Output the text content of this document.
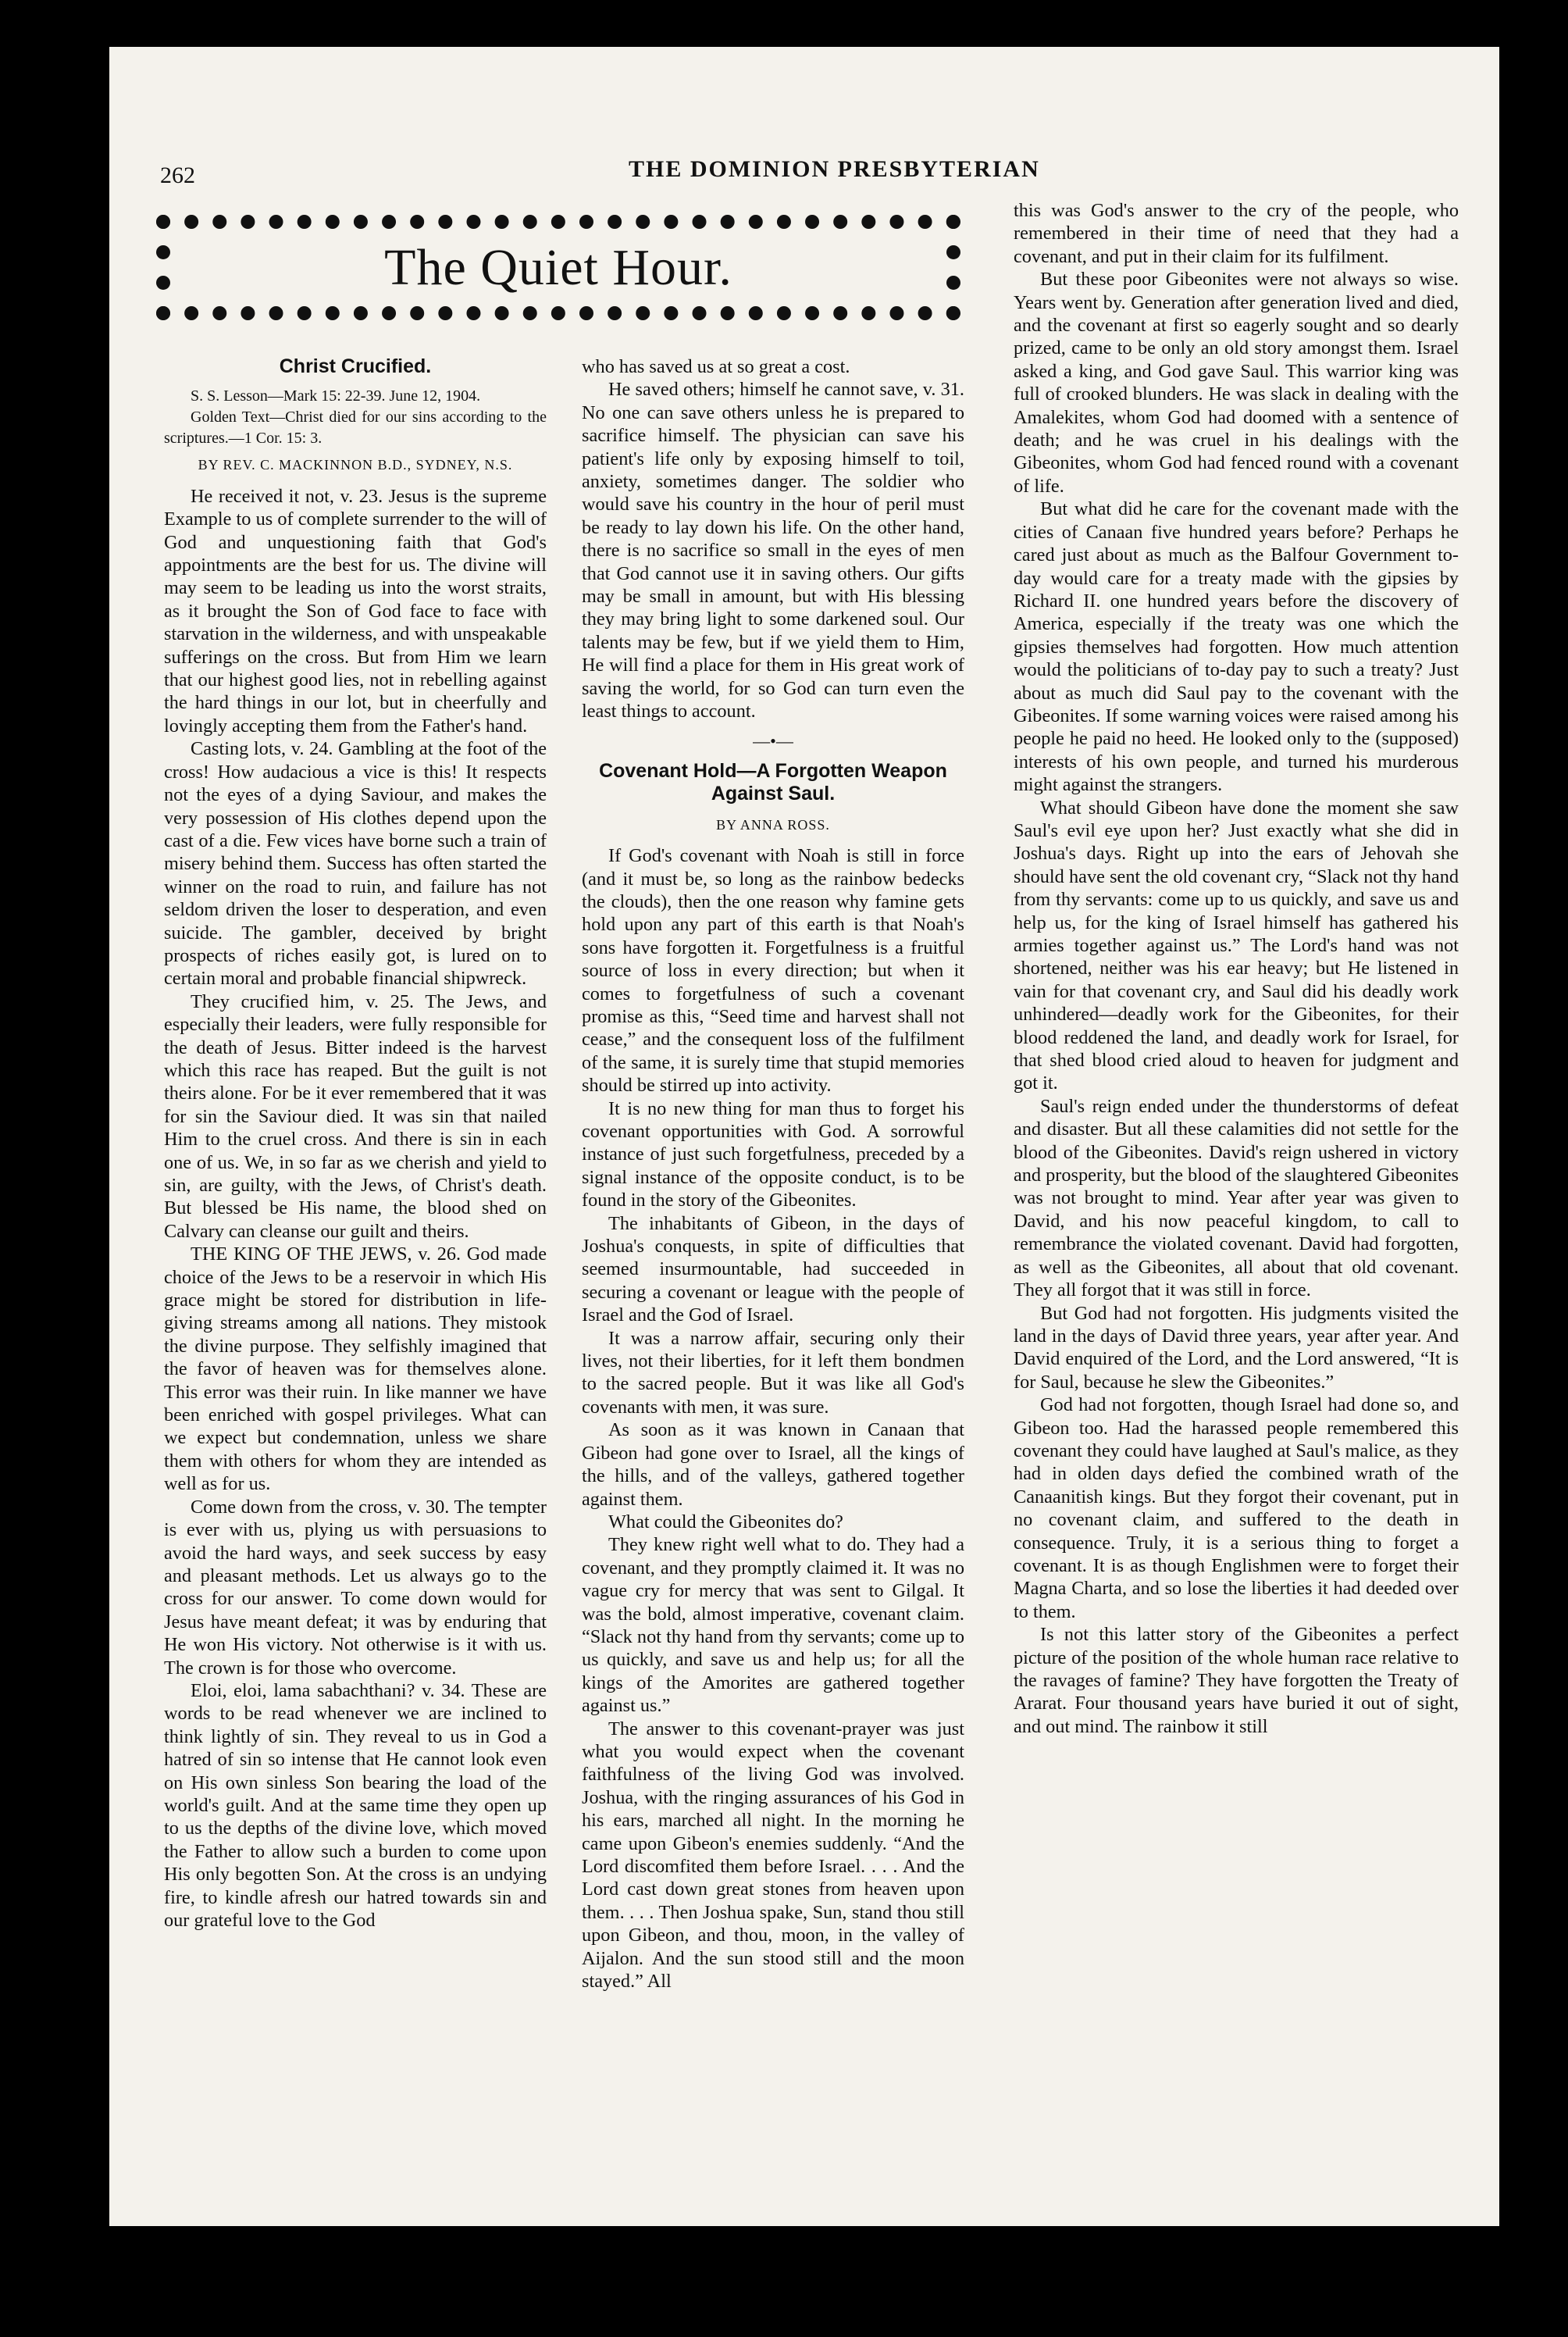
262	THE DOMINION PRESBYTERIAN
The Quiet Hour.
Christ Crucified.

S. S. Lesson—Mark 15: 22-39. June 12, 1904.

Golden Text—Christ died for our sins according to the scriptures.—1 Cor. 15: 3.

BY REV. C. MACKINNON B.D., SYDNEY, N.S.

He received it not, v. 23. Jesus is the supreme Example to us of complete surrender to the will of God and unquestioning faith that God's appointments are the best for us. The divine will may seem to be leading us into the worst straits, as it brought the Son of God face to face with starvation in the wilderness, and with unspeakable sufferings on the cross. But from Him we learn that our highest good lies, not in rebelling against the hard things in our lot, but in cheerfully and lovingly accepting them from the Father's hand.

Casting lots, v. 24. Gambling at the foot of the cross! How audacious a vice is this! It respects not the eyes of a dying Saviour, and makes the very possession of His clothes depend upon the cast of a die. Few vices have borne such a train of misery behind them. Success has often started the winner on the road to ruin, and failure has not seldom driven the loser to desperation, and even suicide. The gambler, deceived by bright prospects of riches easily got, is lured on to certain moral and probable financial shipwreck.

They crucified him, v. 25. The Jews, and especially their leaders, were fully responsible for the death of Jesus. Bitter indeed is the harvest which this race has reaped. But the guilt is not theirs alone. For be it ever remembered that it was for sin the Saviour died. It was sin that nailed Him to the cruel cross. And there is sin in each one of us. We, in so far as we cherish and yield to sin, are guilty, with the Jews, of Christ's death. But blessed be His name, the blood shed on Calvary can cleanse our guilt and theirs.

THE KING OF THE JEWS, v. 26. God made choice of the Jews to be a reservoir in which His grace might be stored for distribution in life-giving streams among all nations. They mistook the divine purpose. They selfishly imagined that the favor of heaven was for themselves alone. This error was their ruin. In like manner we have been enriched with gospel privileges. What can we expect but condemnation, unless we share them with others for whom they are intended as well as for us.

Come down from the cross, v. 30. The tempter is ever with us, plying us with persuasions to avoid the hard ways, and seek success by easy and pleasant methods. Let us always go to the cross for our answer. To come down would for Jesus have meant defeat; it was by enduring that He won His victory. Not otherwise is it with us. The crown is for those who overcome.

Eloi, eloi, lama sabachthani? v. 34. These are words to be read whenever we are inclined to think lightly of sin. They reveal to us in God a hatred of sin so intense that He cannot look even on His own sinless Son bearing the load of the world's guilt. And at the same time they open up to us the depths of the divine love, which moved the Father to allow such a burden to come upon His only begotten Son. At the cross is an undying fire, to kindle afresh our hatred towards sin and our grateful love to the God

who has saved us at so great a cost.

He saved others; himself he cannot save, v. 31. No one can save others unless he is prepared to sacrifice himself. The physician can save his patient's life only by exposing himself to toil, anxiety, sometimes danger. The soldier who would save his country in the hour of peril must be ready to lay down his life. On the other hand, there is no sacrifice so small in the eyes of men that God cannot use it in saving others. Our gifts may be small in amount, but with His blessing they may bring light to some darkened soul. Our talents may be few, but if we yield them to Him, He will find a place for them in His great work of saving the world, for so God can turn even the least things to account.

—•—
Covenant Hold—A Forgotten Weapon Against Saul.
BY ANNA ROSS.

If God's covenant with Noah is still in force (and it must be, so long as the rainbow bedecks the clouds), then the one reason why famine gets hold upon any part of this earth is that Noah's sons have forgotten it. Forgetfulness is a fruitful source of loss in every direction; but when it comes to forgetfulness of such a covenant promise as this, “Seed time and harvest shall not cease,” and the consequent loss of the fulfilment of the same, it is surely time that stupid memories should be stirred up into activity.

It is no new thing for man thus to forget his covenant opportunities with God. A sorrowful instance of just such forgetfulness, preceded by a signal instance of the opposite conduct, is to be found in the story of the Gibeonites.

The inhabitants of Gibeon, in the days of Joshua's conquests, in spite of difficulties that seemed insurmountable, had succeeded in securing a covenant or league with the people of Israel and the God of Israel.

It was a narrow affair, securing only their lives, not their liberties, for it left them bondmen to the sacred people. But it was like all God's covenants with men, it was sure.

As soon as it was known in Canaan that Gibeon had gone over to Israel, all the kings of the hills, and of the valleys, gathered together against them.

What could the Gibeonites do?

They knew right well what to do. They had a covenant, and they promptly claimed it. It was no vague cry for mercy that was sent to Gilgal. It was the bold, almost imperative, covenant claim. “Slack not thy hand from thy servants; come up to us quickly, and save us and help us; for all the kings of the Amorites are gathered together against us.”

The answer to this covenant-prayer was just what you would expect when the covenant faithfulness of the living God was involved. Joshua, with the ringing assurances of his God in his ears, marched all night. In the morning he came upon Gibeon's enemies suddenly. “And the Lord discomfited them before Israel. . . . And the Lord cast down great stones from heaven upon them. . . . Then Joshua spake, Sun, stand thou still upon Gibeon, and thou, moon, in the valley of Aijalon. And the sun stood still and the moon stayed.” All

this was God's answer to the cry of the people, who remembered in their time of need that they had a covenant, and put in their claim for its fulfilment.

But these poor Gibeonites were not always so wise. Years went by. Generation after generation lived and died, and the covenant at first so eagerly sought and so dearly prized, came to be only an old story amongst them. Israel asked a king, and God gave Saul. This warrior king was full of crooked blunders. He was slack in dealing with the Amalekites, whom God had doomed with a sentence of death; and he was cruel in his dealings with the Gibeonites, whom God had fenced round with a covenant of life.

But what did he care for the covenant made with the cities of Canaan five hundred years before? Perhaps he cared just about as much as the Balfour Government to-day would care for a treaty made with the gipsies by Richard II. one hundred years before the discovery of America, especially if the treaty was one which the gipsies themselves had forgotten. How much attention would the politicians of to-day pay to such a treaty? Just about as much did Saul pay to the covenant with the Gibeonites. If some warning voices were raised among his people he paid no heed. He looked only to the (supposed) interests of his own people, and turned his murderous might against the strangers.

What should Gibeon have done the moment she saw Saul's evil eye upon her? Just exactly what she did in Joshua's days. Right up into the ears of Jehovah she should have sent the old covenant cry, “Slack not thy hand from thy servants: come up to us quickly, and save us and help us, for the king of Israel himself has gathered his armies together against us.” The Lord's hand was not shortened, neither was his ear heavy; but He listened in vain for that covenant cry, and Saul did his deadly work unhindered—deadly work for the Gibeonites, for their blood reddened the land, and deadly work for Israel, for that shed blood cried aloud to heaven for judgment and got it.

Saul's reign ended under the thunderstorms of defeat and disaster. But all these calamities did not settle for the blood of the Gibeonites. David's reign ushered in victory and prosperity, but the blood of the slaughtered Gibeonites was not brought to mind. Year after year was given to David, and his now peaceful kingdom, to call to remembrance the violated covenant. David had forgotten, as well as the Gibeonites, all about that old covenant. They all forgot that it was still in force.

But God had not forgotten. His judgments visited the land in the days of David three years, year after year. And David enquired of the Lord, and the Lord answered, “It is for Saul, because he slew the Gibeonites.”

God had not forgotten, though Israel had done so, and Gibeon too. Had the harassed people remembered this covenant they could have laughed at Saul's malice, as they had in olden days defied the combined wrath of the Canaanitish kings. But they forgot their covenant, put in no covenant claim, and suffered to the death in consequence. Truly, it is a serious thing to forget a covenant. It is as though Englishmen were to forget their Magna Charta, and so lose the liberties it had deeded over to them.

Is not this latter story of the Gibeonites a perfect picture of the position of the whole human race relative to the ravages of famine? They have forgotten the Treaty of Ararat. Four thousand years have buried it out of sight, and out mind. The rainbow it still
